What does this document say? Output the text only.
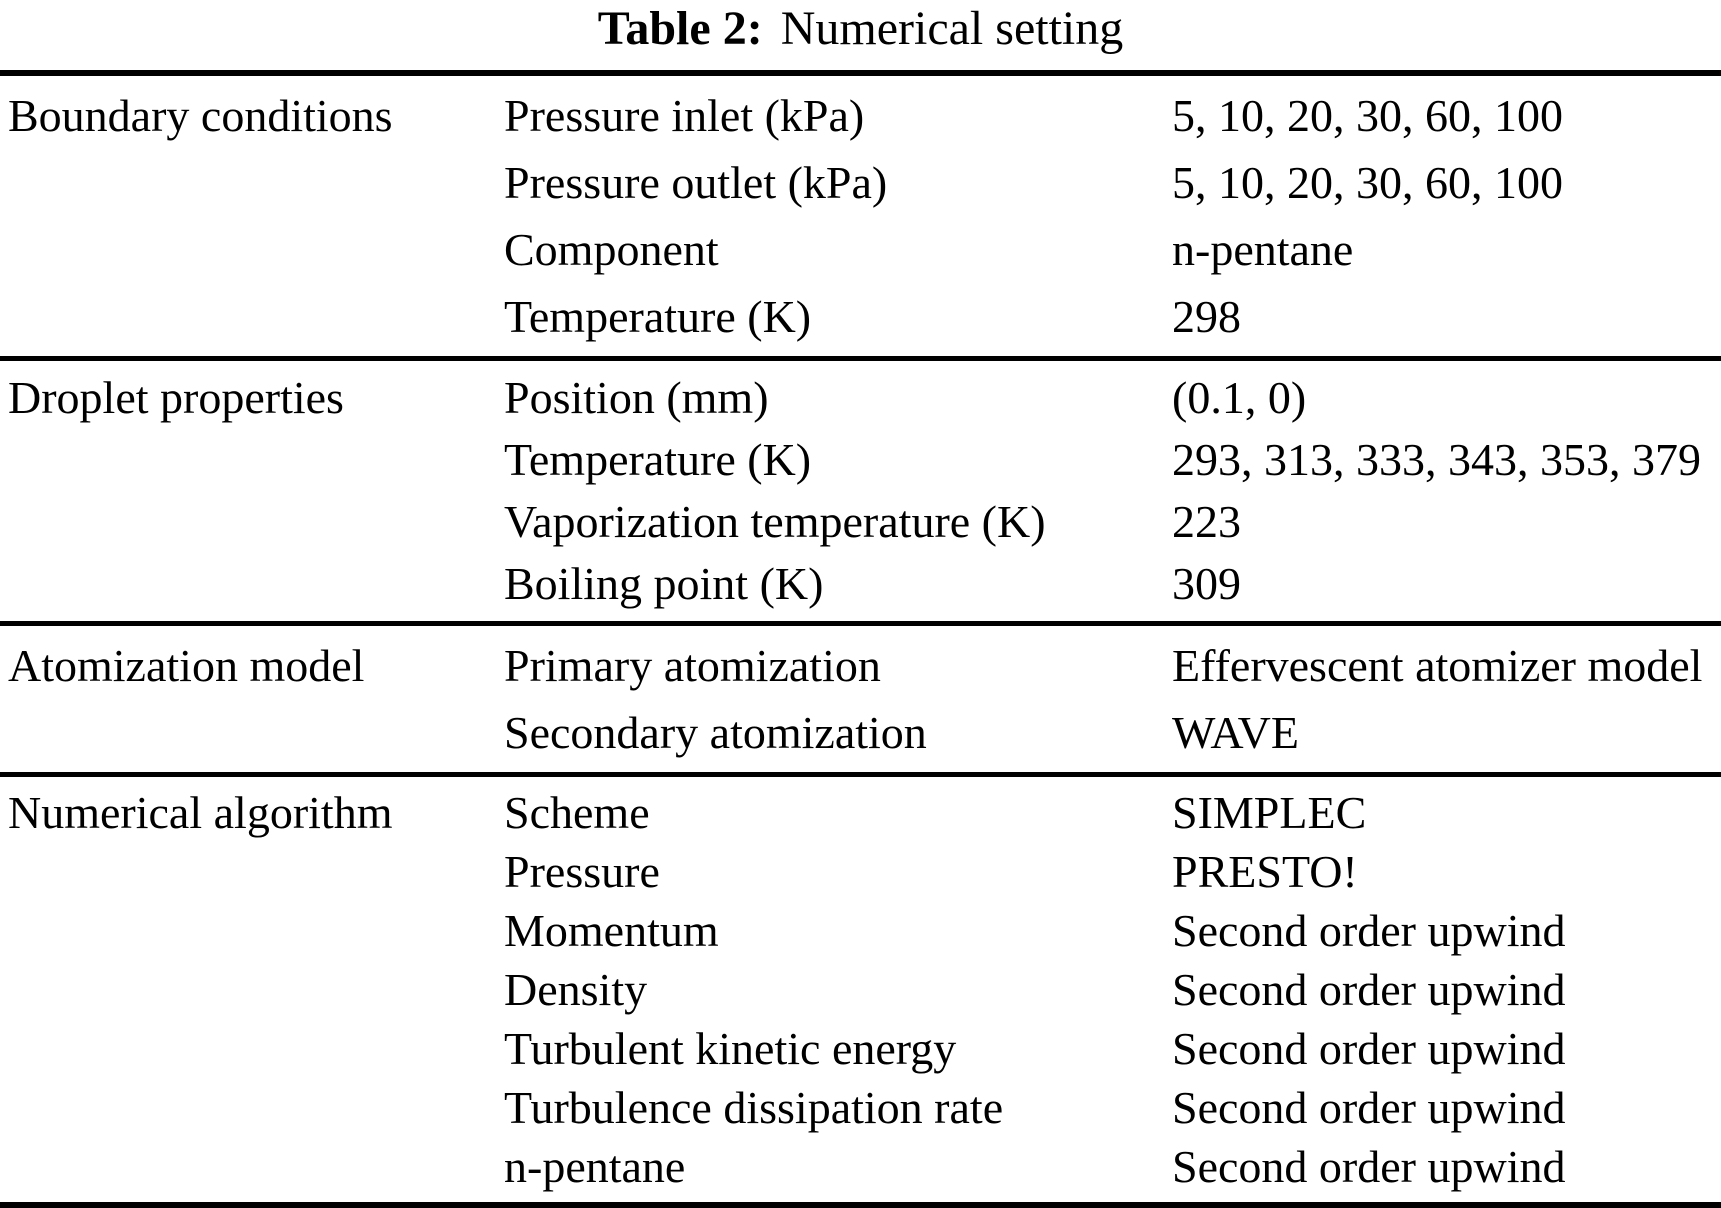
Table 2: Numerical setting
Boundary conditions	Pressure inlet (kPa)	5, 10, 20, 30, 60, 100
Pressure outlet (kPa)	5, 10, 20, 30, 60, 100
Component	n-pentane
Temperature (K)	298
Droplet properties	Position (mm)	(0.1, 0)
Temperature (K)	293, 313, 333, 343, 353, 379
Vaporization temperature (K)	223
Boiling point (K)	309
Atomization model	Primary atomization	Effervescent atomizer model
Secondary atomization	WAVE
Numerical algorithm	Scheme	SIMPLEC
Pressure	PRESTO!
Momentum	Second order upwind
Density	Second order upwind
Turbulent kinetic energy	Second order upwind
Turbulence dissipation rate	Second order upwind
n-pentane	Second order upwind
